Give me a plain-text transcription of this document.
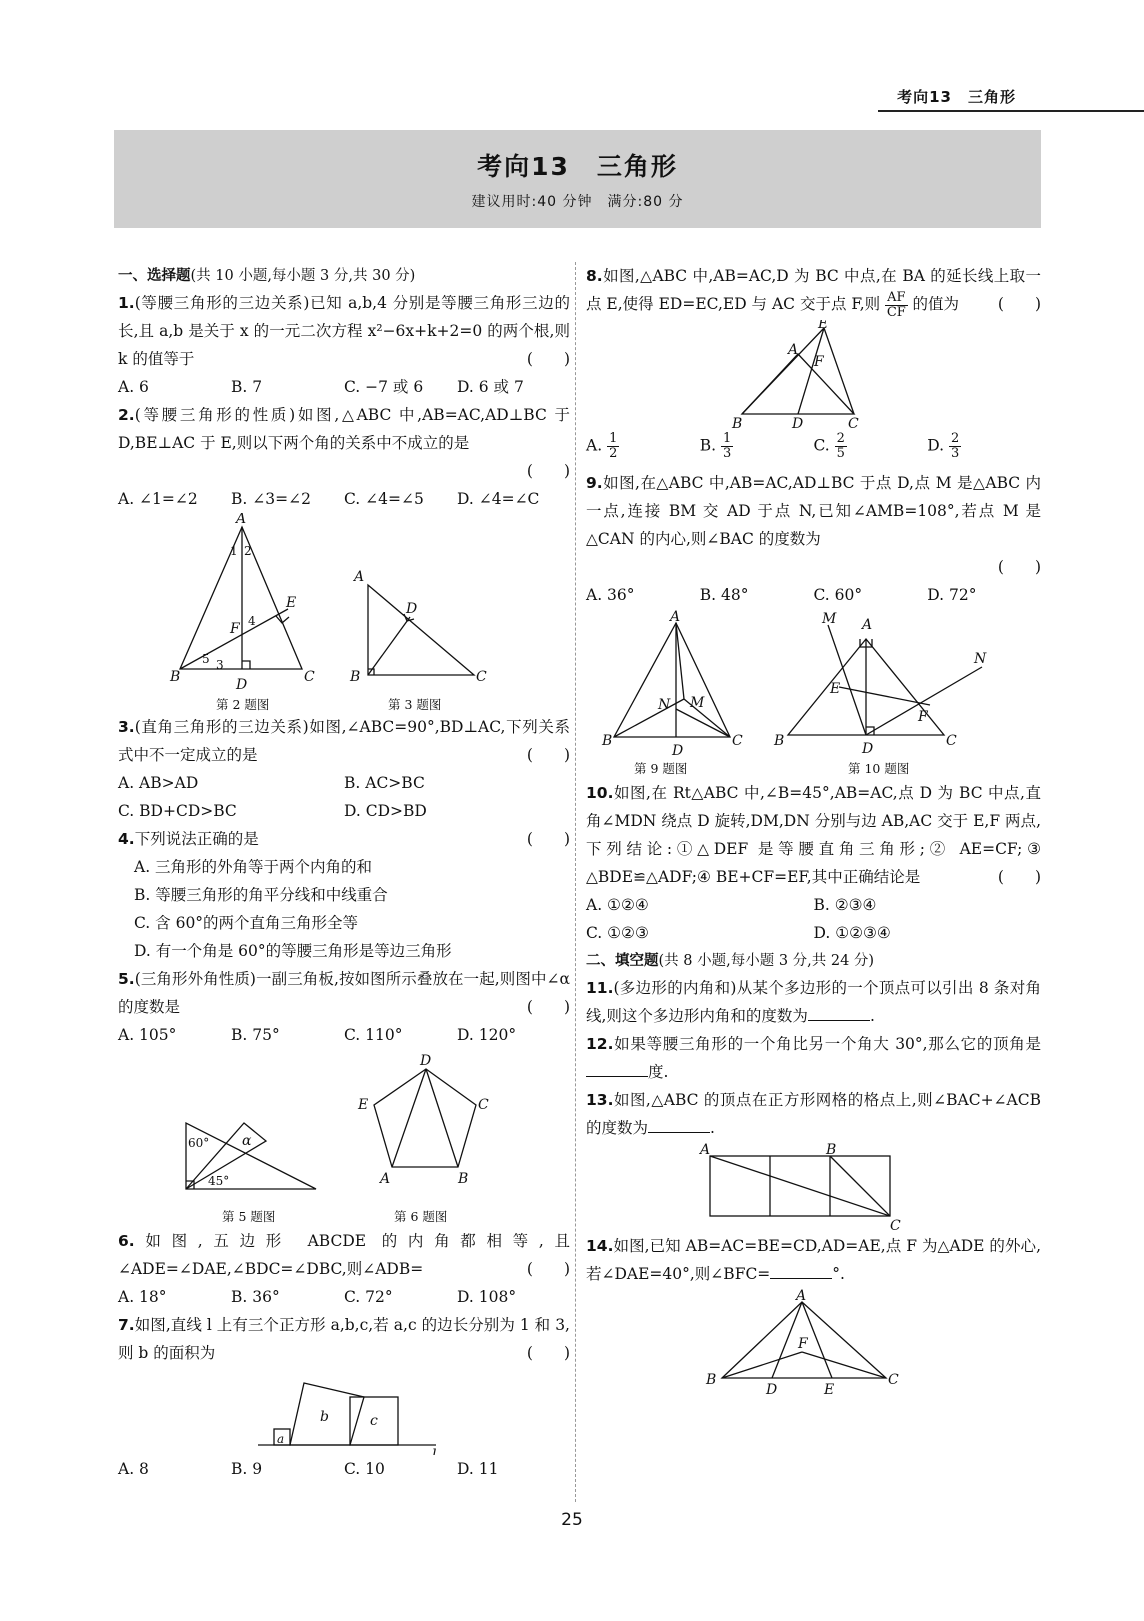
考向13　三角形
考向13　三角形
建议用时:40 分钟　满分:80 分
一、选择题(共 10 小题,每小题 3 分,共 30 分)
1.(等腰三角形的三边关系)已知 a,b,4 分别是等腰三角形三边的长,且 a,b 是关于 x 的一元二次方程 x²−6x+k+2=0 的两个根,则 k 的值等于	(　　)
A. 6	B. 7	C. −7 或 6	D. 6 或 7
2.(等腰三角形的性质)如图,△ABC 中,AB=AC,AD⊥BC 于 D,BE⊥AC 于 E,则以下两个角的关系中不成立的是

(　　)

A. ∠1=∠2	B. ∠3=∠2	C. ∠4=∠5	D. ∠4=∠C
A
B	C
D
E
F
1 2
5 3
4
第 2 题图
A
B	C
D
第 3 题图
3.(直角三角形的三边关系)如图,∠ABC=90°,BD⊥AC,下列关系式中不一定成立的是	(　　)
A. AB>AD	B. AC>BC
C. BD+CD>BC	D. CD>BD
4.下列说法正确的是	(　　)
A. 三角形的外角等于两个内角的和
B. 等腰三角形的角平分线和中线重合
C. 含 60°的两个直角三角形全等
D. 有一个角是 60°的等腰三角形是等边三角形
5.(三角形外角性质)一副三角板,按如图所示叠放在一起,则图中∠α 的度数是	(　　)
A. 105°	B. 75°	C. 110°	D. 120°
60°
45°
α
第 5 题图
D
C
E
A	B
第 6 题图
6.如图,五边形 ABCDE 的内角都相等,且∠ADE=∠DAE,∠BDC=∠DBC,则∠ADB=	(　　)
A. 18°	B. 36°	C. 72°	D. 108°
7.如图,直线 l 上有三个正方形 a,b,c,若 a,c 的边长分别为 1 和 3,则 b 的面积为	(　　)
a
b	c
l
A. 8	B. 9	C. 10	D. 11
8.如图,△ABC 中,AB=AC,D 为 BC 中点,在 BA 的延长线上取一点 E,使得 ED=EC,ED 与 AC 交于点 F,则 $\frac{AF}{CF}$ 的值为	(　　)
E
A
F
B	D	C
A. $\frac{1}{2}$	B. $\frac{1}{3}$	C. $\frac{2}{5}$	D. $\frac{2}{3}$
9.如图,在△ABC 中,AB=AC,AD⊥BC 于点 D,点 M 是△ABC 内一点,连接 BM 交 AD 于点 N,已知∠AMB=108°,若点 M 是△CAN 的内心,则∠BAC 的度数为

(　　)

A. 36°	B. 48°	C. 60°	D. 72°
A
B	C
D
N M
第 9 题图
M A
N
E
F
B	D	C
第 10 题图
10.如图,在 Rt△ABC 中,∠B=45°,AB=AC,点 D 为 BC 中点,直角∠MDN 绕点 D 旋转,DM,DN 分别与边 AB,AC 交于 E,F 两点,下列结论:①△DEF 是等腰直角三角形;② AE=CF;③ △BDE≌△ADF;④ BE+CF=EF,其中正确结论是	(　　)
A. ①②④	B. ②③④
C. ①②③	D. ①②③④
二、填空题(共 8 小题,每小题 3 分,共 24 分)
11.(多边形的内角和)从某个多边形的一个顶点可以引出 8 条对角线,则这个多边形内角和的度数为	.
12.如果等腰三角形的一个角比另一个角大 30°,那么它的顶角是度.
13.如图,△ABC 的顶点在正方形网格的格点上,则∠BAC+∠ACB 的度数为	.
A	B
C
14.如图,已知 AB=AC=BE=CD,AD=AE,点 F 为△ADE 的外心,若∠DAE=40°,则∠BFC=	°.
A
F
B
D	E
C
25
